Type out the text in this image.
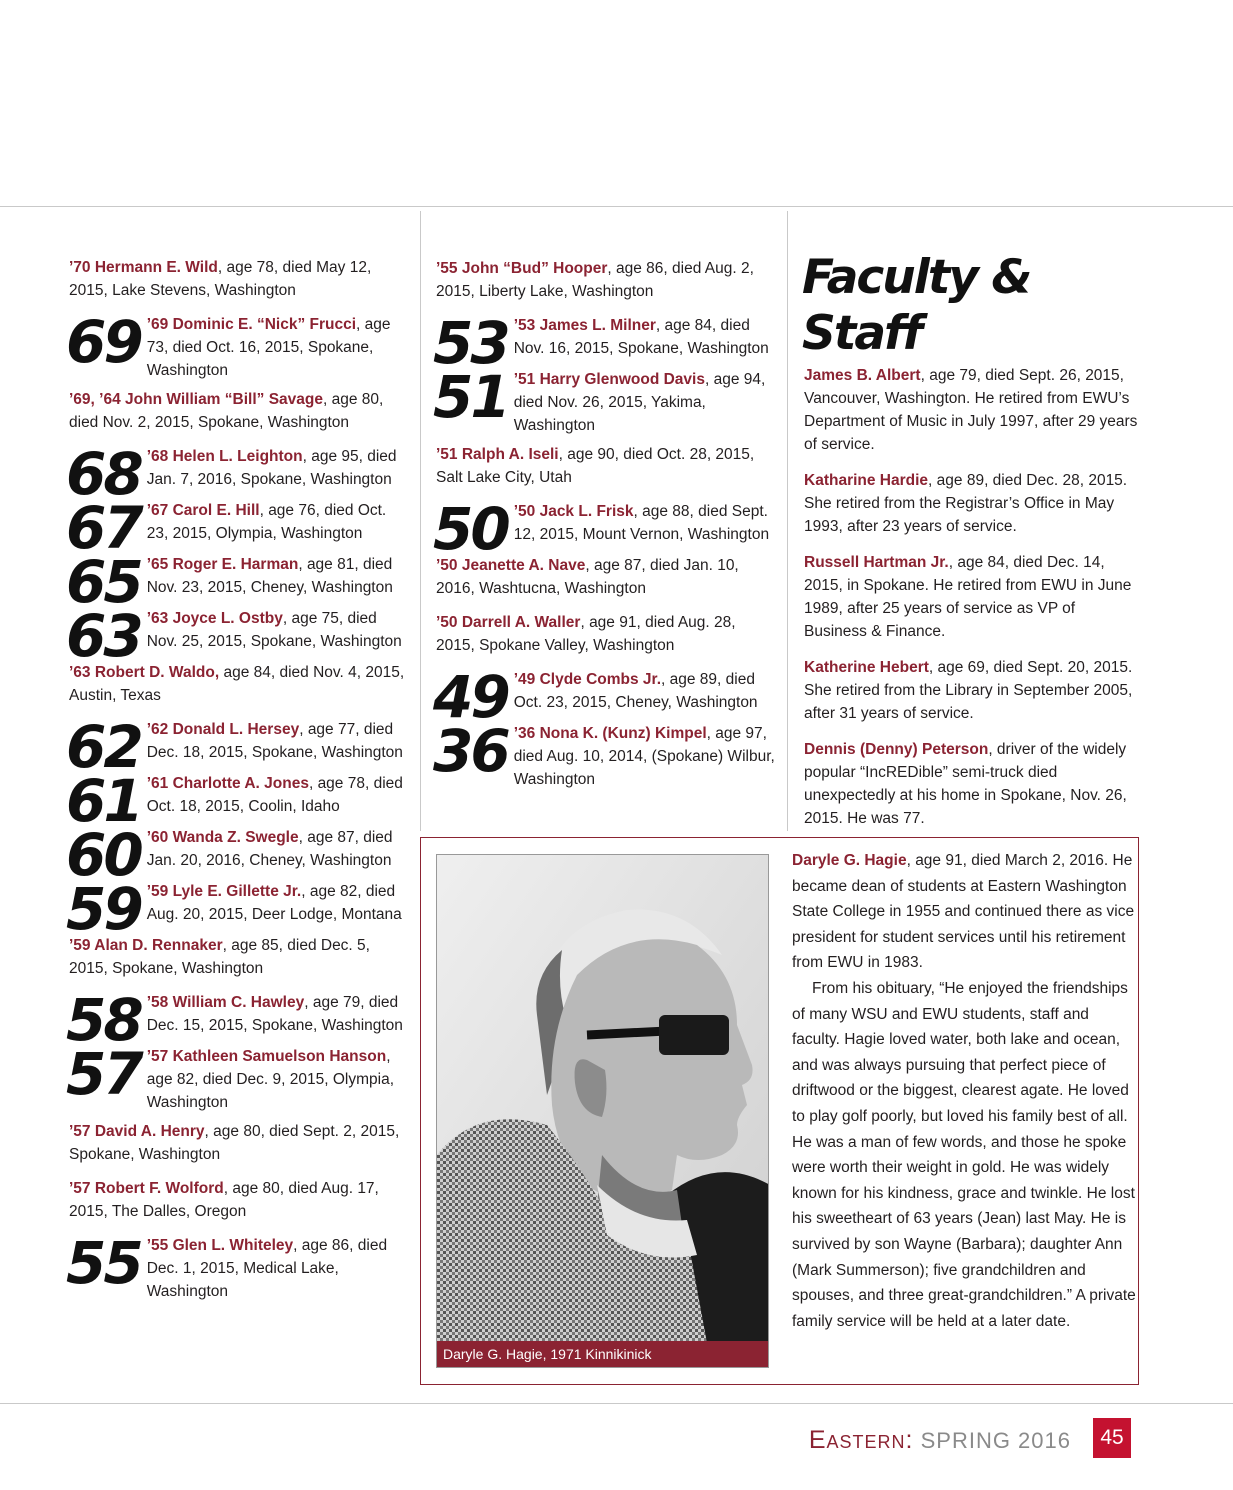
’70 Hermann E. Wild, age 78, died May 12, 2015, Lake Stevens, Washington
69 ’69 Dominic E. “Nick” Frucci, age 73, died Oct. 16, 2015, Spokane, Washington
’69, ’64 John William “Bill” Savage, age 80, died Nov. 2, 2015, Spokane, Washington
68 ’68 Helen L. Leighton, age 95, died Jan. 7, 2016, Spokane, Washington
67 ’67 Carol E. Hill, age 76, died Oct. 23, 2015, Olympia, Washington
65 ’65 Roger E. Harman, age 81, died Nov. 23, 2015, Cheney, Washington
63 ’63 Joyce L. Ostby, age 75, died Nov. 25, 2015, Spokane, Washington
’63 Robert D. Waldo, age 84, died Nov. 4, 2015, Austin, Texas
62 ’62 Donald L. Hersey, age 77, died Dec. 18, 2015, Spokane, Washington
61 ’61 Charlotte A. Jones, age 78, died Oct. 18, 2015, Coolin, Idaho
60 ’60 Wanda Z. Swegle, age 87, died Jan. 20, 2016, Cheney, Washington
59 ’59 Lyle E. Gillette Jr., age 82, died Aug. 20, 2015, Deer Lodge, Montana
’59 Alan D. Rennaker, age 85, died Dec. 5, 2015, Spokane, Washington
58 ’58 William C. Hawley, age 79, died Dec. 15, 2015, Spokane, Washington
57 ’57 Kathleen Samuelson Hanson, age 82, died Dec. 9, 2015, Olympia, Washington
’57 David A. Henry, age 80, died Sept. 2, 2015, Spokane, Washington
’57 Robert F. Wolford, age 80, died Aug. 17, 2015, The Dalles, Oregon
55 ’55 Glen L. Whiteley, age 86, died Dec. 1, 2015, Medical Lake, Washington
’55 John “Bud” Hooper, age 86, died Aug. 2, 2015, Liberty Lake, Washington
53 ’53 James L. Milner, age 84, died Nov. 16, 2015, Spokane, Washington
51 ’51 Harry Glenwood Davis, age 94, died Nov. 26, 2015, Yakima, Washington
’51 Ralph A. Iseli, age 90, died Oct. 28, 2015, Salt Lake City, Utah
50 ’50 Jack L. Frisk, age 88, died Sept. 12, 2015, Mount Vernon, Washington
’50 Jeanette A. Nave, age 87, died Jan. 10, 2016, Washtucna, Washington
’50 Darrell A. Waller, age 91, died Aug. 28, 2015, Spokane Valley, Washington
49 ’49 Clyde Combs Jr., age 89, died Oct. 23, 2015, Cheney, Washington
36 ’36 Nona K. (Kunz) Kimpel, age 97, died Aug. 10, 2014, (Spokane) Wilbur, Washington
Faculty & Staff
James B. Albert, age 79, died Sept. 26, 2015, Vancouver, Washington. He retired from EWU’s Department of Music in July 1997, after 29 years of service.
Katharine Hardie, age 89, died Dec. 28, 2015. She retired from the Registrar’s Office in May 1993, after 23 years of service.
Russell Hartman Jr., age 84, died Dec. 14, 2015, in Spokane. He retired from EWU in June 1989, after 25 years of service as VP of Business & Finance.
Katherine Hebert, age 69, died Sept. 20, 2015. She retired from the Library in September 2005, after 31 years of service.
Dennis (Denny) Peterson, driver of the widely popular “IncREDible” semi-truck died unexpectedly at his home in Spokane, Nov. 26, 2015. He was 77.
Daryle G. Hagie, 1971 Kinnikinick
Daryle G. Hagie, age 91, died March 2, 2016. He became dean of students at Eastern Washington State College in 1955 and continued there as vice president for student services until his retirement from EWU in 1983.
From his obituary, “He enjoyed the friendships of many WSU and EWU students, staff and faculty. Hagie loved water, both lake and ocean, and was always pursuing that perfect piece of driftwood or the biggest, clearest agate. He loved to play golf poorly, but loved his family best of all. He was a man of few words, and those he spoke were worth their weight in gold. He was widely known for his kindness, grace and twinkle. He lost his sweetheart of 63 years (Jean) last May. He is survived by son Wayne (Barbara); daughter Ann (Mark Summerson); five grandchildren and spouses, and three great-grandchildren.” A private family service will be held at a later date.
Eastern: SPRING 2016	45
